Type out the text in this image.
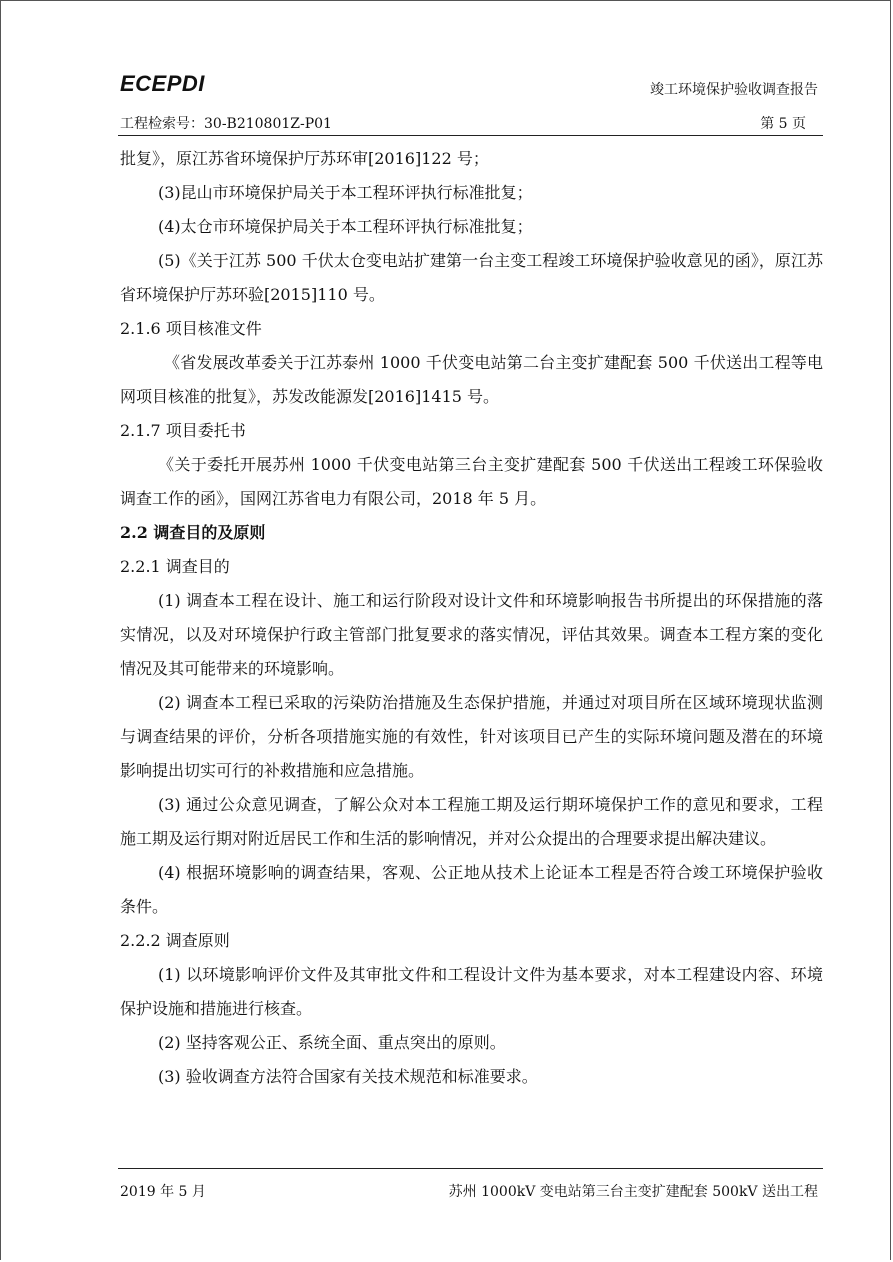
ECEPDI	竣工环境保护验收调查报告
工程检索号：30-B210801Z-P01	第 5 页

批复》，原江苏省环境保护厅苏环审[2016]122 号；

(3)昆山市环境保护局关于本工程环评执行标准批复；

(4)太仓市环境保护局关于本工程环评执行标准批复；

(5)《关于江苏 500 千伏太仓变电站扩建第一台主变工程竣工环境保护验收意见的函》，原江苏省环境保护厅苏环验[2015]110 号。

2.1.6 项目核准文件

《省发展改革委关于江苏泰州 1000 千伏变电站第二台主变扩建配套 500 千伏送出工程等电网项目核准的批复》，苏发改能源发[2016]1415 号。

2.1.7 项目委托书

《关于委托开展苏州 1000 千伏变电站第三台主变扩建配套 500 千伏送出工程竣工环保验收调查工作的函》，国网江苏省电力有限公司，2018 年 5 月。

2.2 调查目的及原则

2.2.1 调查目的

(1) 调查本工程在设计、施工和运行阶段对设计文件和环境影响报告书所提出的环保措施的落实情况，以及对环境保护行政主管部门批复要求的落实情况，评估其效果。调查本工程方案的变化情况及其可能带来的环境影响。

(2) 调查本工程已采取的污染防治措施及生态保护措施，并通过对项目所在区域环境现状监测与调查结果的评价，分析各项措施实施的有效性，针对该项目已产生的实际环境问题及潜在的环境影响提出切实可行的补救措施和应急措施。

(3) 通过公众意见调查，了解公众对本工程施工期及运行期环境保护工作的意见和要求，工程施工期及运行期对附近居民工作和生活的影响情况，并对公众提出的合理要求提出解决建议。

(4) 根据环境影响的调查结果，客观、公正地从技术上论证本工程是否符合竣工环境保护验收条件。

2.2.2 调查原则

(1) 以环境影响评价文件及其审批文件和工程设计文件为基本要求，对本工程建设内容、环境保护设施和措施进行核查。

(2) 坚持客观公正、系统全面、重点突出的原则。

(3) 验收调查方法符合国家有关技术规范和标准要求。

2019 年 5 月	苏州 1000kV 变电站第三台主变扩建配套 500kV 送出工程
